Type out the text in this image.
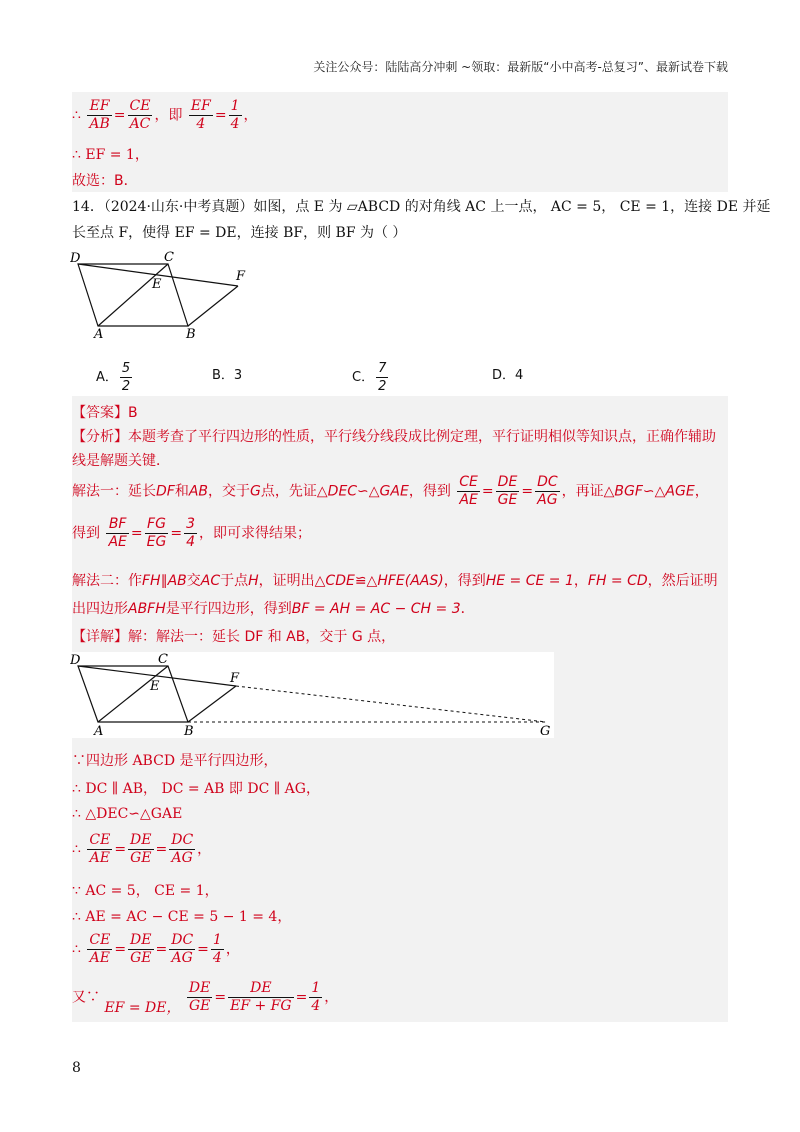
关注公众号：陆陆高分冲刺 ~领取：最新版“小中高考-总复习”、最新试卷下载
∴ $\frac{EF}{AB} = \frac{CE}{AC}$ ，即 $\frac{EF}{4} = \frac{1}{4}$ ，
∴ EF = 1，
故选：B．
14．（2024·山东·中考真题）如图，点 E 为 ▱ABCD 的对角线 AC 上一点， AC = 5， CE = 1，连接 DE 并延
长至点 F，使得 EF = DE，连接 BF，则 BF 为（ ）
D	C
E
F
A	B
A． $\frac{5}{2}$	B．3	C． $\frac{7}{2}$	D．4
【答案】B
【分析】本题考查了平行四边形的性质，平行线分线段成比例定理，平行证明相似等知识点，正确作辅助
线是解题关键．
解法一：延长DF和AB，交于G点，先证△DEC∽△GAE，得到 $\frac{CE}{AE} = \frac{DE}{GE} = \frac{DC}{AG}$ ，再证△BGF∽△AGE，
得到 $\frac{BF}{AE} = \frac{FG}{EG} = \frac{3}{4}$ ，即可求得结果；
解法二：作FH∥AB交AC于点H，证明出△CDE≌△HFE(AAS)，得到HE = CE = 1，FH = CD，然后证明
出四边形ABFH是平行四边形，得到BF = AH = AC − CH = 3．
【详解】解：解法一：延长 DF 和 AB，交于 G 点，
D	C
E
F
A	B	G
∵四边形 ABCD 是平行四边形，
∴ DC ∥ AB， DC = AB 即 DC ∥ AG，
∴ △DEC∽△GAE
∴ $\frac{CE}{AE} = \frac{DE}{GE} = \frac{DC}{AG}$ ，
∵ AC = 5， CE = 1，
∴ AE = AC − CE = 5 − 1 = 4，
∴ $\frac{CE}{AE} = \frac{DE}{GE} = \frac{DC}{AG} = \frac{1}{4}$ ，
又∵ EF = DE， $\frac{DE}{GE} = \frac{DE}{EF + FG} = \frac{1}{4}$ ，
8
